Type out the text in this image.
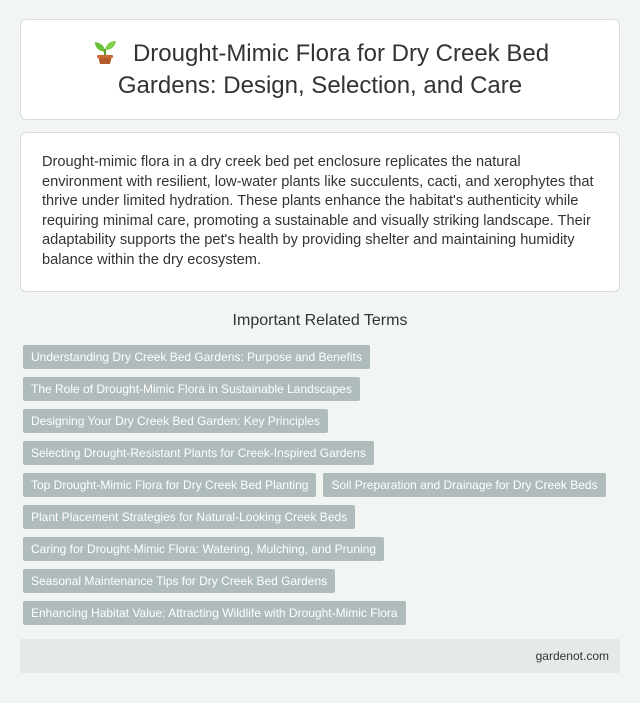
Drought-Mimic Flora for Dry Creek Bed Gardens: Design, Selection, and Care

Drought-mimic flora in a dry creek bed pet enclosure replicates the natural environment with resilient, low-water plants like succulents, cacti, and xerophytes that thrive under limited hydration. These plants enhance the habitat's authenticity while requiring minimal care, promoting a sustainable and visually striking landscape. Their adaptability supports the pet's health by providing shelter and maintaining humidity balance within the dry ecosystem.

Important Related Terms
Understanding Dry Creek Bed Gardens: Purpose and Benefits
The Role of Drought-Mimic Flora in Sustainable Landscapes
Designing Your Dry Creek Bed Garden: Key Principles
Selecting Drought-Resistant Plants for Creek-Inspired Gardens
Top Drought-Mimic Flora for Dry Creek Bed Planting	Soil Preparation and Drainage for Dry Creek Beds
Plant Placement Strategies for Natural-Looking Creek Beds
Caring for Drought-Mimic Flora: Watering, Mulching, and Pruning
Seasonal Maintenance Tips for Dry Creek Bed Gardens
Enhancing Habitat Value: Attracting Wildlife with Drought-Mimic Flora
gardenot.com
